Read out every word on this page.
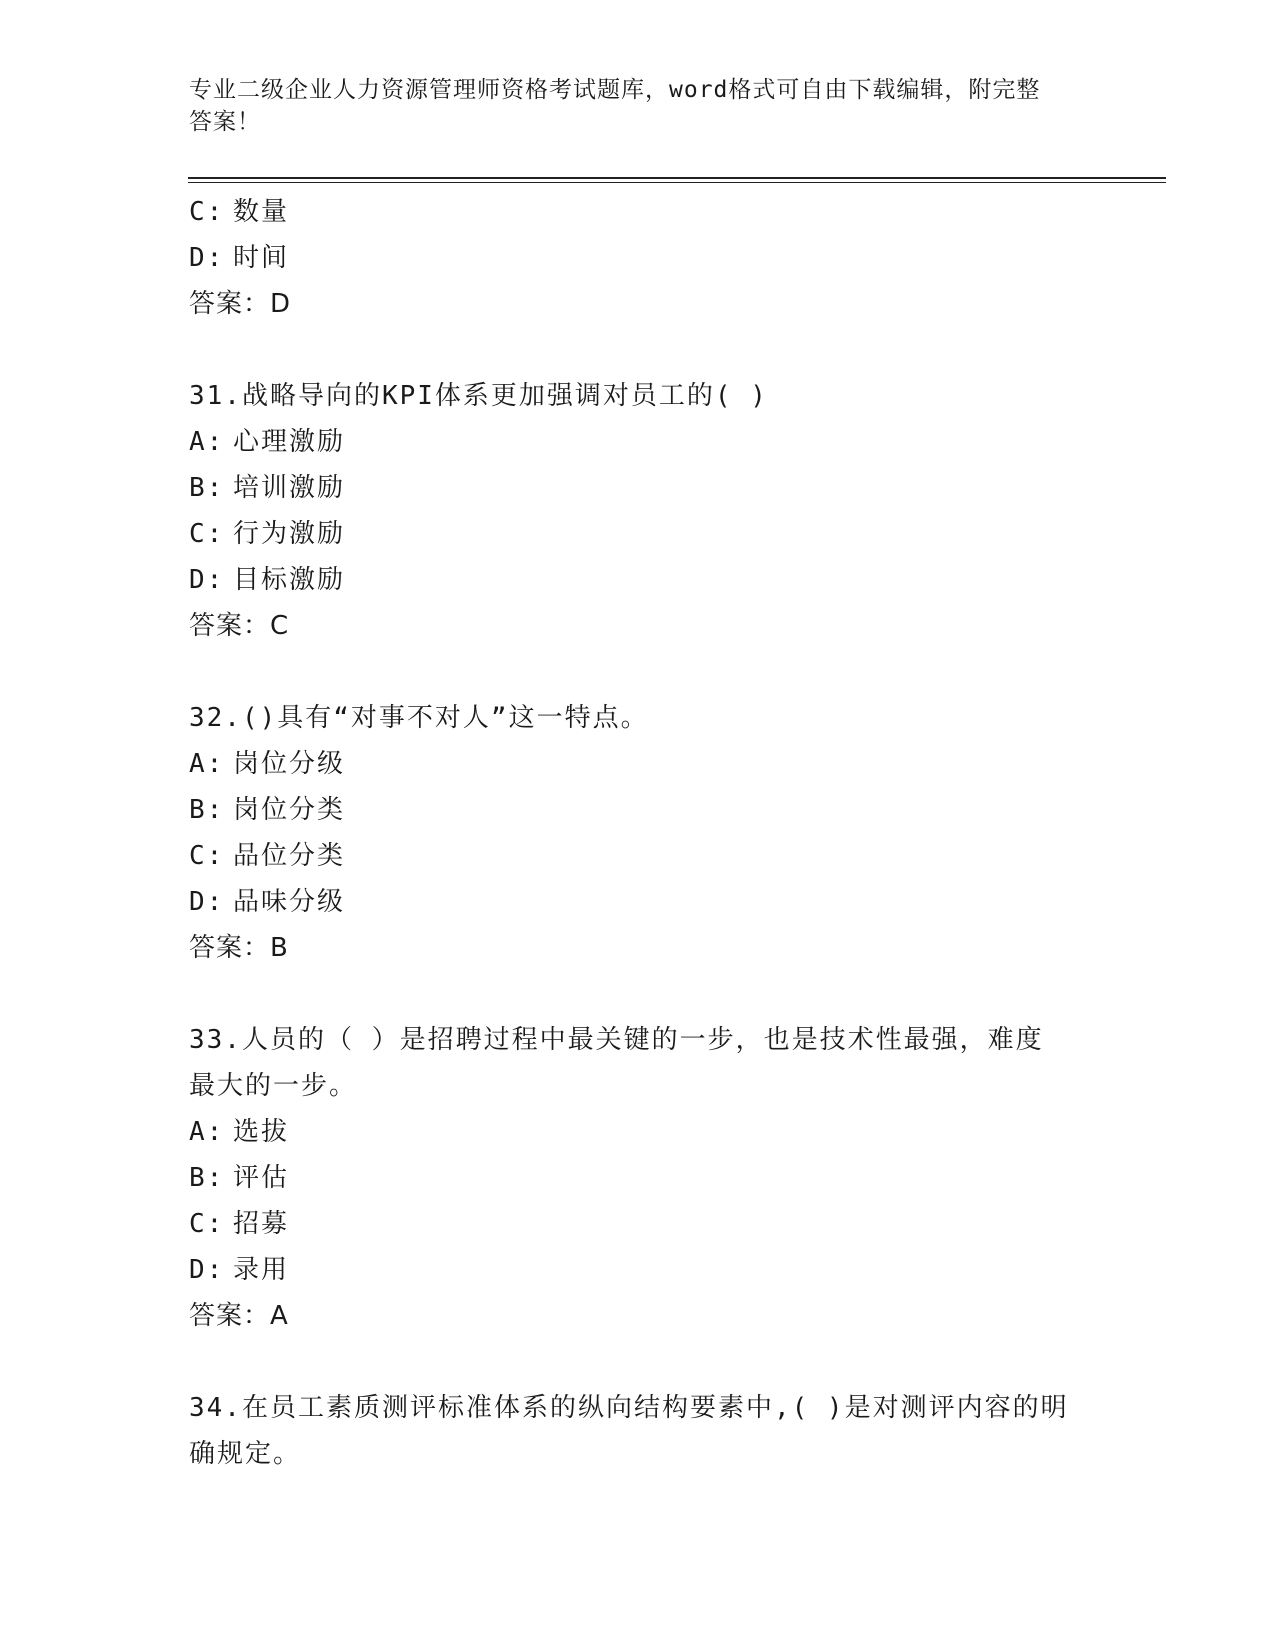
专业二级企业人力资源管理师资格考试题库，word格式可自由下载编辑，附完整
答案！
C: 数量
D: 时间
答案：D
31.战略导向的KPI体系更加强调对员工的( )
A: 心理激励
B: 培训激励
C: 行为激励
D: 目标激励
答案：C
32.()具有“对事不对人”这一特点。
A: 岗位分级
B: 岗位分类
C: 品位分类
D: 品味分级
答案：B
33.人员的（ ）是招聘过程中最关键的一步，也是技术性最强，难度
最大的一步。
A: 选拔
B: 评估
C: 招募
D: 录用
答案：A
34.在员工素质测评标准体系的纵向结构要素中,( )是对测评内容的明
确规定。
